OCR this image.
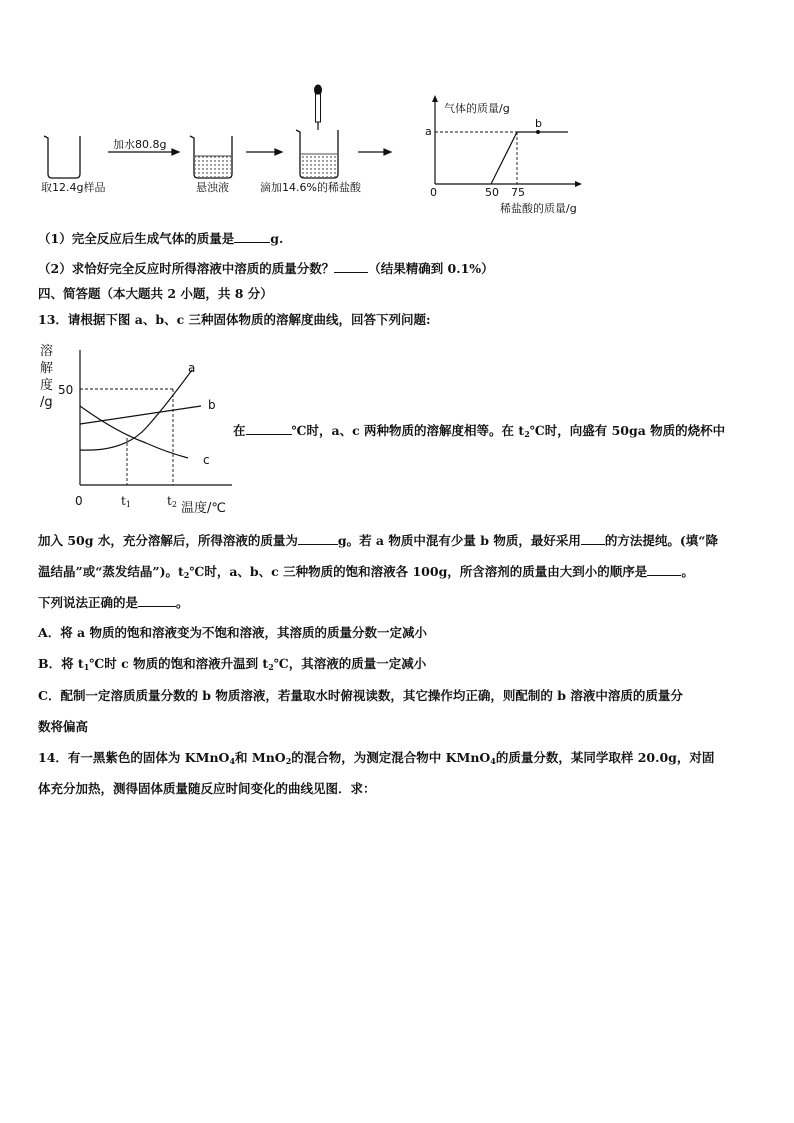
取12.4g样品
加水80.8g
悬浊液	滴加14.6%的稀盐酸
气体的质量/g
b
a
0	50 75
稀盐酸的质量/g
（1）完全反应后生成气体的质量是	g.
（2）求恰好完全反应时所得溶液中溶质的质量分数？	（结果精确到 0.1%）
四、简答题（本大题共 2 小题，共 8 分）
13．请根据下图 a、b、c 三种固体物质的溶解度曲线，回答下列问题:
溶
解
度
/g
50
0	$t_1$	$t_2$ 温度/℃
a
b
c
在	℃时，a、c 两种物质的溶解度相等。在 $t_2℃$时，向盛有 50ga 物质的烧杯中
加入 50g 水，充分溶解后，所得溶液的质量为	g。若 a 物质中混有少量 b 物质，最好采用 的方法提纯。(填“降
温结晶”或“蒸发结晶”)。$t_2℃$时，a、b、c 三种物质的饱和溶液各 100g，所含溶剂的质量由大到小的顺序是	。
下列说法正确的是	。
A．将 a 物质的饱和溶液变为不饱和溶液，其溶质的质量分数一定减小
B．将 $t_1℃$时 c 物质的饱和溶液升温到 $t_2℃$，其溶液的质量一定减小
C．配制一定溶质质量分数的 b 物质溶液，若量取水时俯视读数，其它操作均正确，则配制的 b 溶液中溶质的质量分
数将偏高
14．有一黑紫色的固体为 KMnO$_4$和 MnO$_2$的混合物，为测定混合物中 KMnO$_4$的质量分数，某同学取样 20.0g，对固
体充分加热，测得固体质量随反应时间变化的曲线见图．求：
